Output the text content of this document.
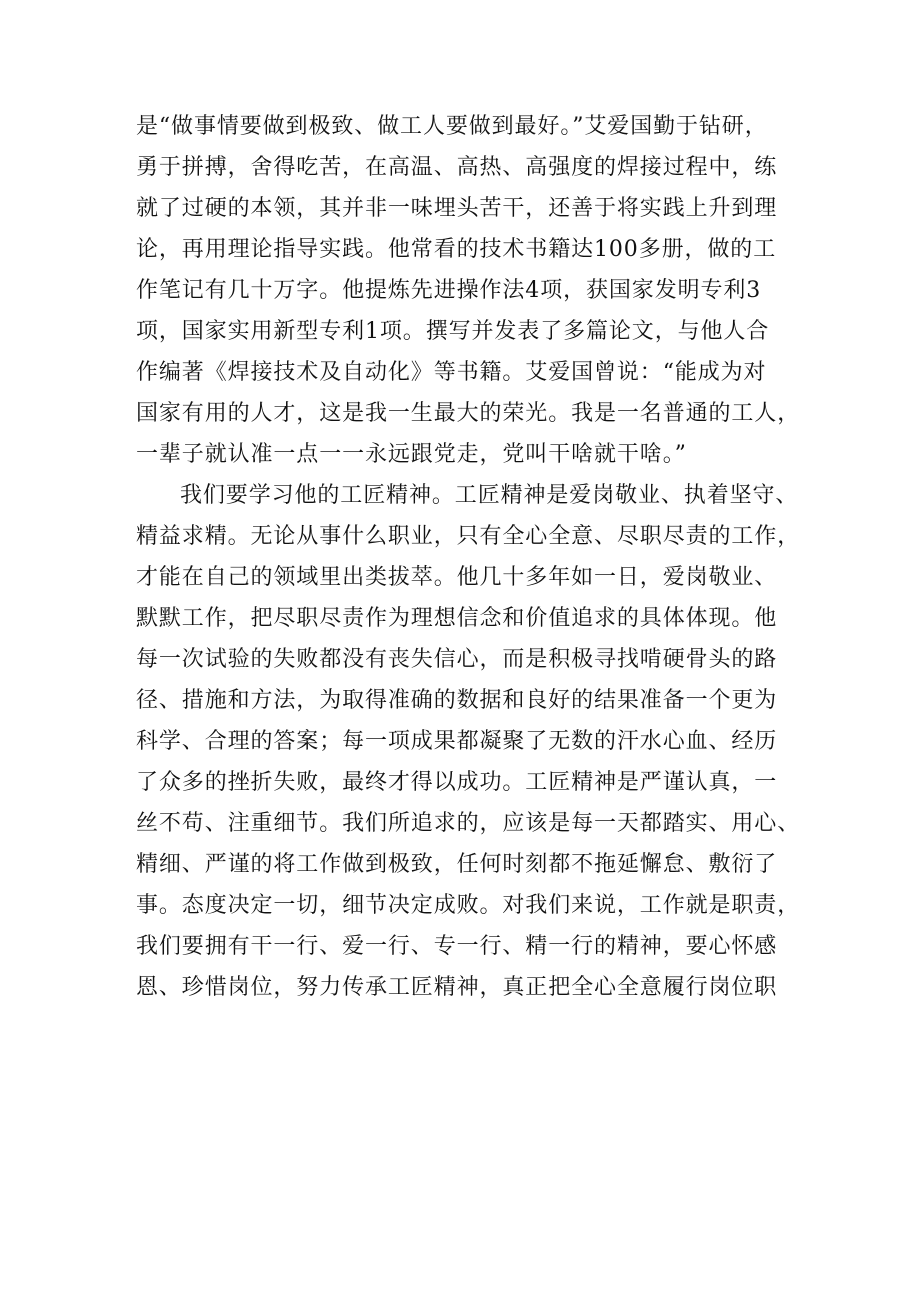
是“做事情要做到极致、做工人要做到最好。”艾爱国勤于钻研，
勇于拼搏，舍得吃苦，在高温、高热、高强度的焊接过程中，练
就了过硬的本领，其并非一味埋头苦干，还善于将实践上升到理
论，再用理论指导实践。他常看的技术书籍达100多册，做的工
作笔记有几十万字。他提炼先进操作法4项，获国家发明专利3
项，国家实用新型专利1项。撰写并发表了多篇论文，与他人合
作编著《焊接技术及自动化》等书籍。艾爱国曾说：“能成为对
国家有用的人才，这是我一生最大的荣光。我是一名普通的工人，
一辈子就认准一点一一永远跟党走，党叫干啥就干啥。”
我们要学习他的工匠精神。工匠精神是爱岗敬业、执着坚守、
精益求精。无论从事什么职业，只有全心全意、尽职尽责的工作，
才能在自己的领域里出类拔萃。他几十多年如一日，爱岗敬业、
默默工作，把尽职尽责作为理想信念和价值追求的具体体现。他
每一次试验的失败都没有丧失信心，而是积极寻找啃硬骨头的路
径、措施和方法，为取得准确的数据和良好的结果准备一个更为
科学、合理的答案；每一项成果都凝聚了无数的汗水心血、经历
了众多的挫折失败，最终才得以成功。工匠精神是严谨认真，一
丝不苟、注重细节。我们所追求的，应该是每一天都踏实、用心、
精细、严谨的将工作做到极致，任何时刻都不拖延懈怠、敷衍了
事。态度决定一切，细节决定成败。对我们来说，工作就是职责，
我们要拥有干一行、爱一行、专一行、精一行的精神，要心怀感
恩、珍惜岗位，努力传承工匠精神，真正把全心全意履行岗位职
